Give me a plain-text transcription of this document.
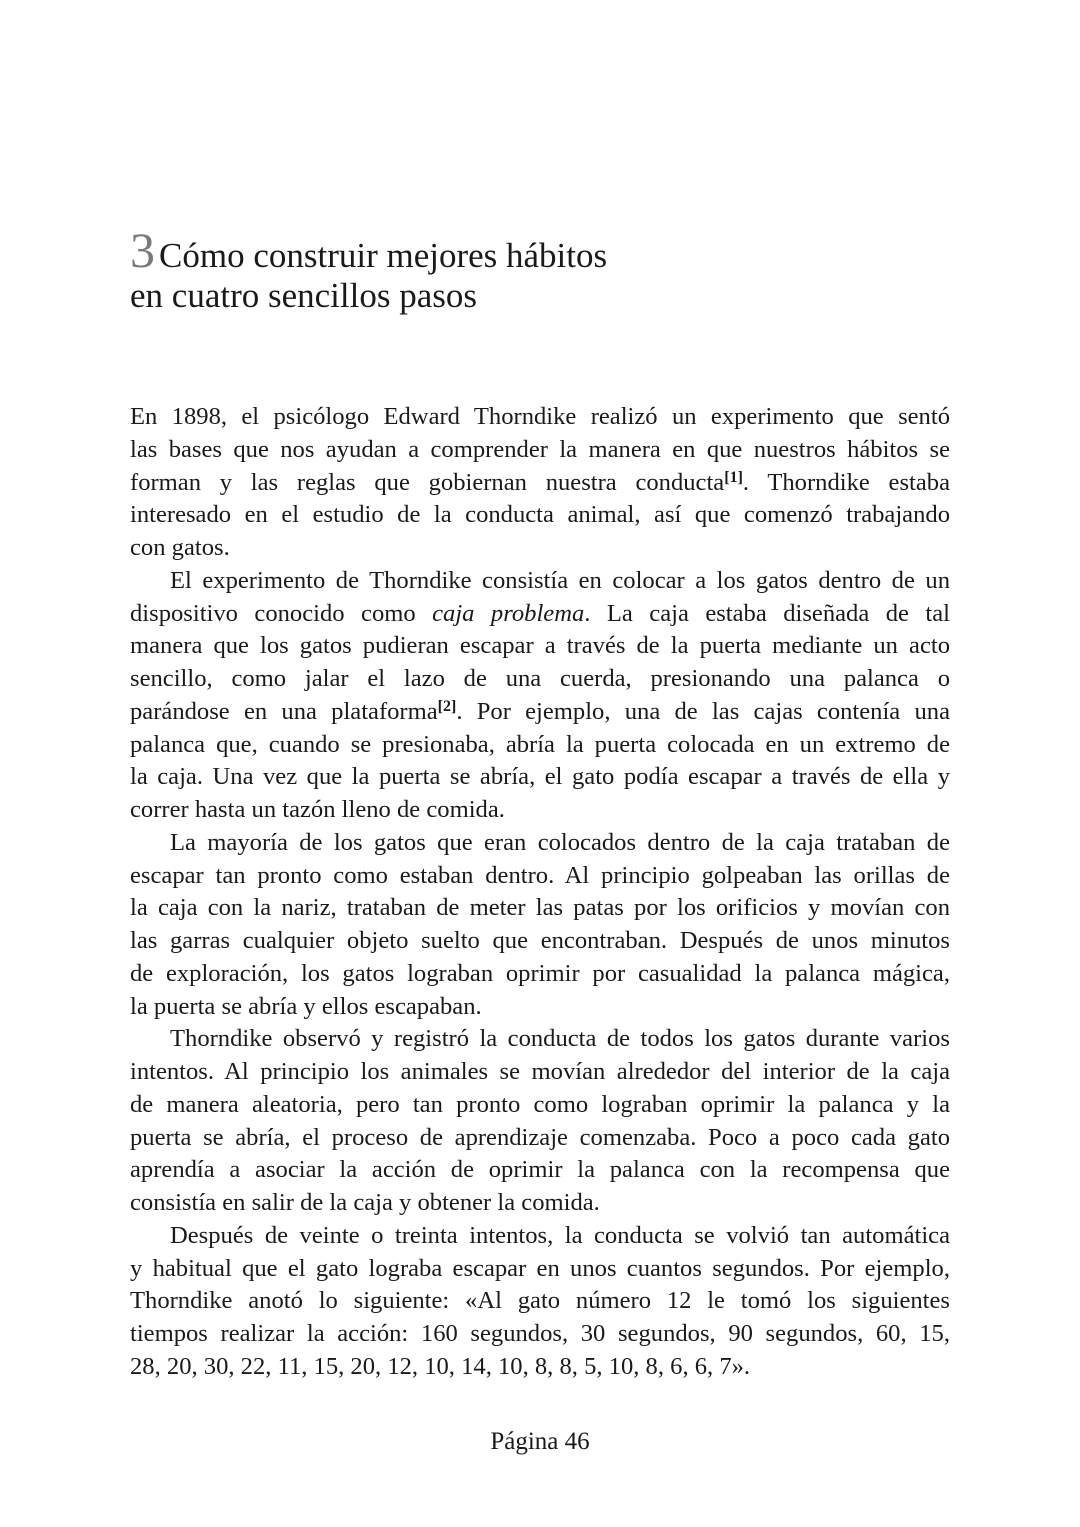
3 Cómo construir mejores hábitos
en cuatro sencillos pasos
En 1898, el psicólogo Edward Thorndike realizó un experimento que sentó
las bases que nos ayudan a comprender la manera en que nuestros hábitos se
forman y las reglas que gobiernan nuestra conducta[1]. Thorndike estaba
interesado en el estudio de la conducta animal, así que comenzó trabajando
con gatos.
El experimento de Thorndike consistía en colocar a los gatos dentro de un
dispositivo conocido como caja problema. La caja estaba diseñada de tal
manera que los gatos pudieran escapar a través de la puerta mediante un acto
sencillo, como jalar el lazo de una cuerda, presionando una palanca o
parándose en una plataforma[2]. Por ejemplo, una de las cajas contenía una
palanca que, cuando se presionaba, abría la puerta colocada en un extremo de
la caja. Una vez que la puerta se abría, el gato podía escapar a través de ella y
correr hasta un tazón lleno de comida.
La mayoría de los gatos que eran colocados dentro de la caja trataban de
escapar tan pronto como estaban dentro. Al principio golpeaban las orillas de
la caja con la nariz, trataban de meter las patas por los orificios y movían con
las garras cualquier objeto suelto que encontraban. Después de unos minutos
de exploración, los gatos lograban oprimir por casualidad la palanca mágica,
la puerta se abría y ellos escapaban.
Thorndike observó y registró la conducta de todos los gatos durante varios
intentos. Al principio los animales se movían alrededor del interior de la caja
de manera aleatoria, pero tan pronto como lograban oprimir la palanca y la
puerta se abría, el proceso de aprendizaje comenzaba. Poco a poco cada gato
aprendía a asociar la acción de oprimir la palanca con la recompensa que
consistía en salir de la caja y obtener la comida.
Después de veinte o treinta intentos, la conducta se volvió tan automática
y habitual que el gato lograba escapar en unos cuantos segundos. Por ejemplo,
Thorndike anotó lo siguiente: «Al gato número 12 le tomó los siguientes
tiempos realizar la acción: 160 segundos, 30 segundos, 90 segundos, 60, 15,
28, 20, 30, 22, 11, 15, 20, 12, 10, 14, 10, 8, 8, 5, 10, 8, 6, 6, 7».
Página 46
